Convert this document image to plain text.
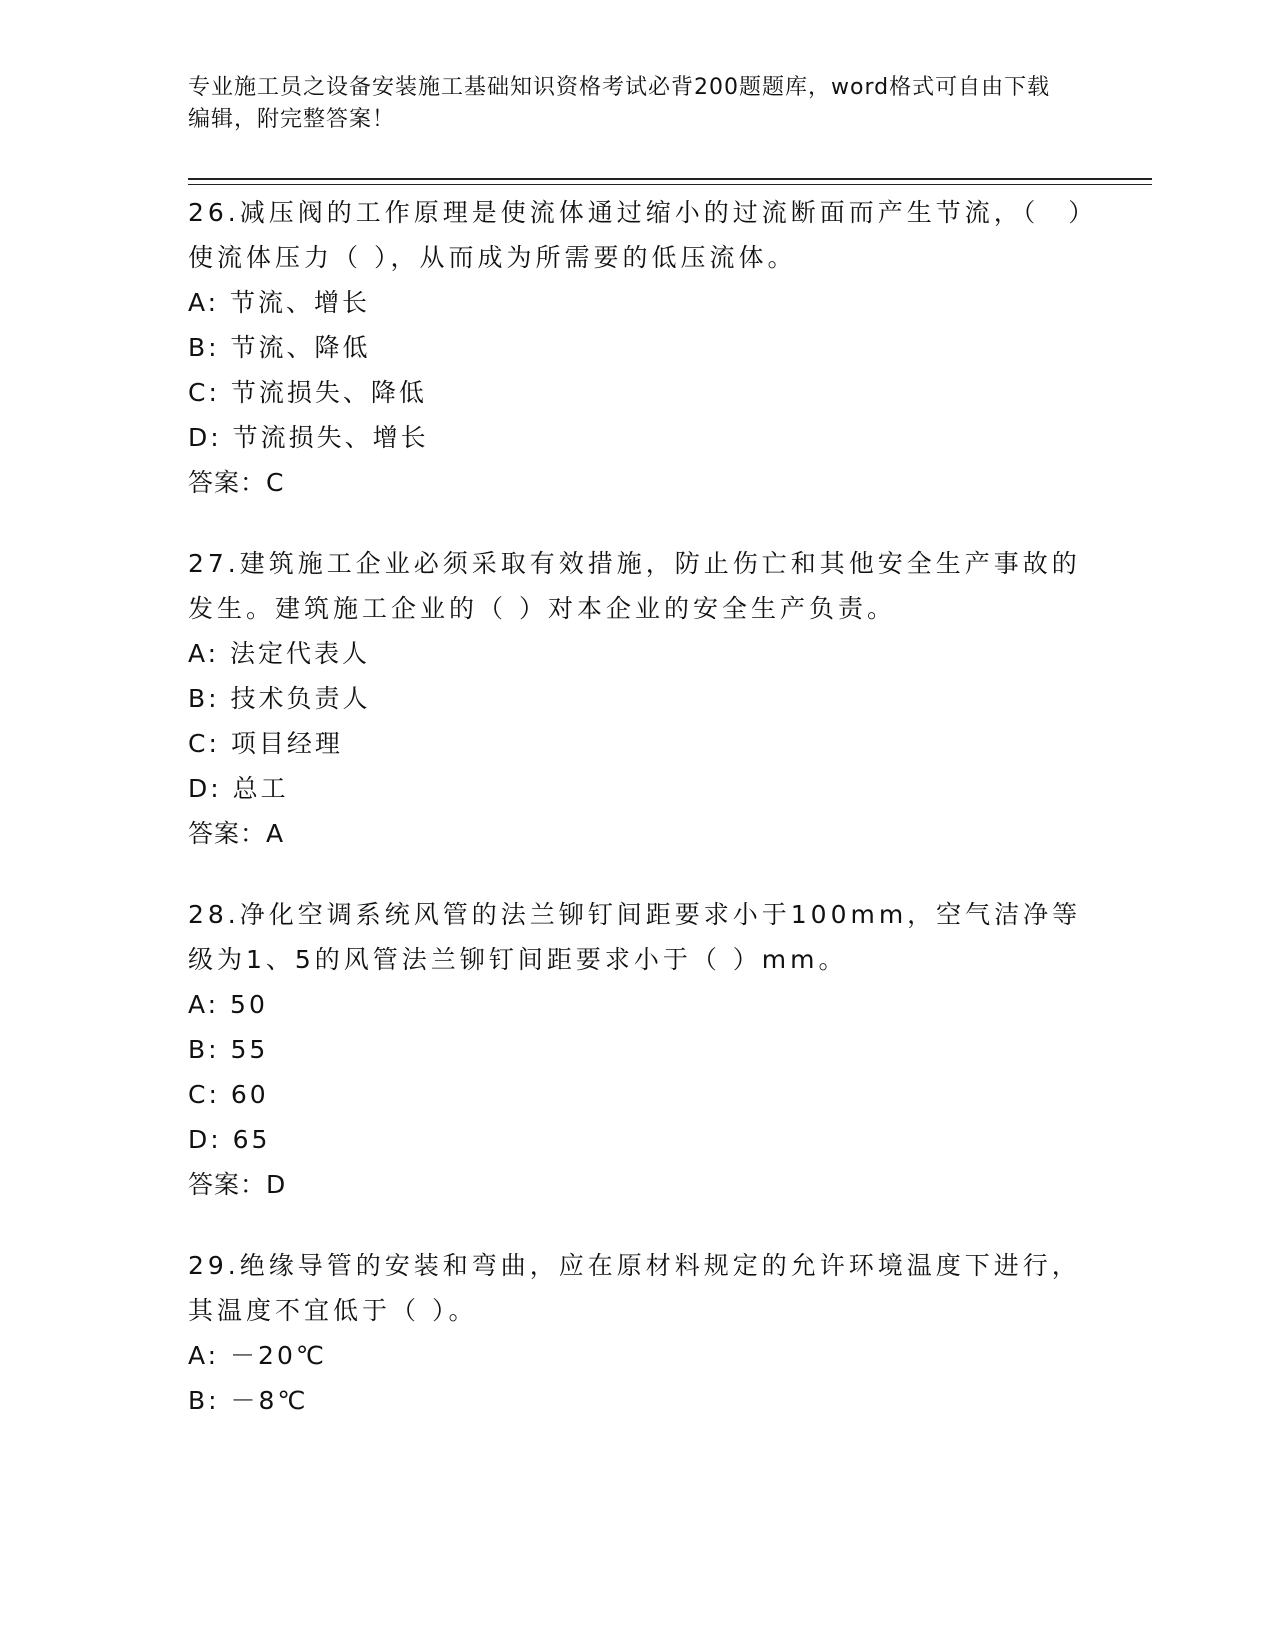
专业施工员之设备安装施工基础知识资格考试必背200题题库，word格式可自由下载编辑，附完整答案！

26.减压阀的工作原理是使流体通过缩小的过流断面而产生节流，（　）使流体压力（ ），从而成为所需要的低压流体。

A: 节流、增长

B: 节流、降低

C: 节流损失、降低

D: 节流损失、增长

答案：C

27.建筑施工企业必须采取有效措施，防止伤亡和其他安全生产事故的发生。建筑施工企业的（ ）对本企业的安全生产负责。

A: 法定代表人

B: 技术负责人

C: 项目经理

D: 总工

答案：A

28.净化空调系统风管的法兰铆钉间距要求小于100mm，空气洁净等级为1、5的风管法兰铆钉间距要求小于（ ）mm。

A: 50

B: 55

C: 60

D: 65

答案：D

29.绝缘导管的安装和弯曲，应在原材料规定的允许环境温度下进行，其温度不宜低于（ ）。

A: －20℃

B: －8℃
